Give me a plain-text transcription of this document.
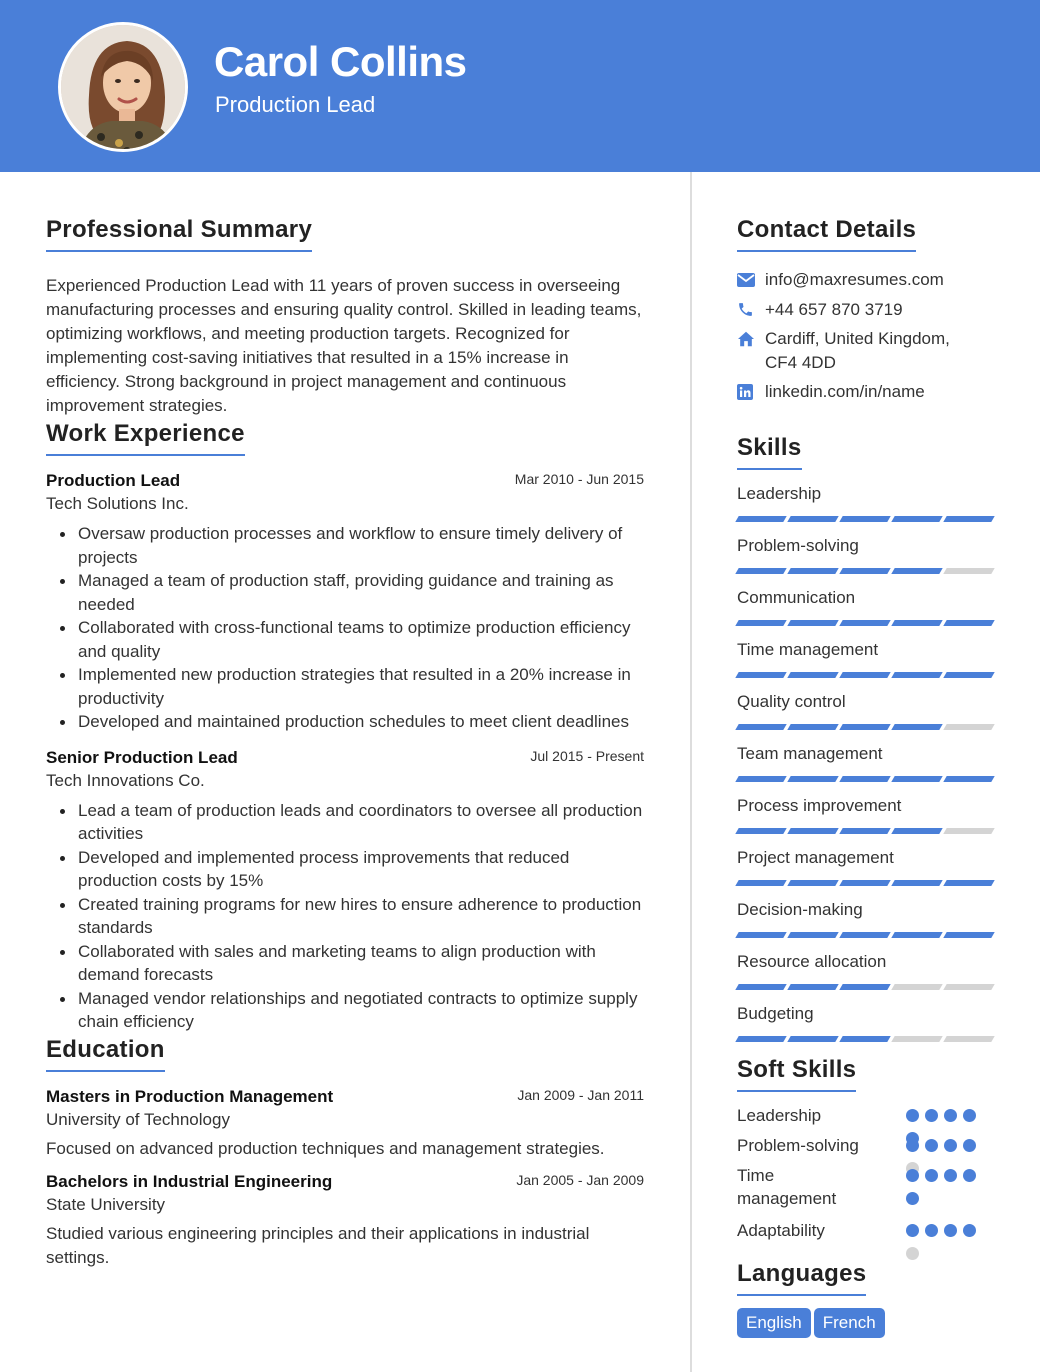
Carol Collins
Production Lead
Professional Summary

Experienced Production Lead with 11 years of proven success in overseeing manufacturing processes and ensuring quality control. Skilled in leading teams, optimizing workflows, and meeting production targets. Recognized for implementing cost-saving initiatives that resulted in a 15% increase in efficiency. Strong background in project management and continuous improvement strategies.

Work Experience
Production Lead	Mar 2010 - Jun 2015
Tech Solutions Inc.
Oversaw production processes and workflow to ensure timely delivery of projects
Managed a team of production staff, providing guidance and training as needed
Collaborated with cross-functional teams to optimize production efficiency and quality
Implemented new production strategies that resulted in a 20% increase in productivity
Developed and maintained production schedules to meet client deadlines
Senior Production Lead	Jul 2015 - Present
Tech Innovations Co.
Lead a team of production leads and coordinators to oversee all production activities
Developed and implemented process improvements that reduced production costs by 15%
Created training programs for new hires to ensure adherence to production standards
Collaborated with sales and marketing teams to align production with demand forecasts
Managed vendor relationships and negotiated contracts to optimize supply chain efficiency
Education
Masters in Production Management	Jan 2009 - Jan 2011
University of Technology
Focused on advanced production techniques and management strategies.
Bachelors in Industrial Engineering	Jan 2005 - Jan 2009
State University
Studied various engineering principles and their applications in industrial settings.
Contact Details
info@maxresumes.com
+44 657 870 3719
Cardiff, United Kingdom, CF4 4DD
linkedin.com/in/name
Skills
Leadership
Problem-solving
Communication
Time management
Quality control
Team management
Process improvement
Project management
Decision-making
Resource allocation
Budgeting
Soft Skills
Leadership
Problem-solving
Time management
Adaptability
Languages
English French
